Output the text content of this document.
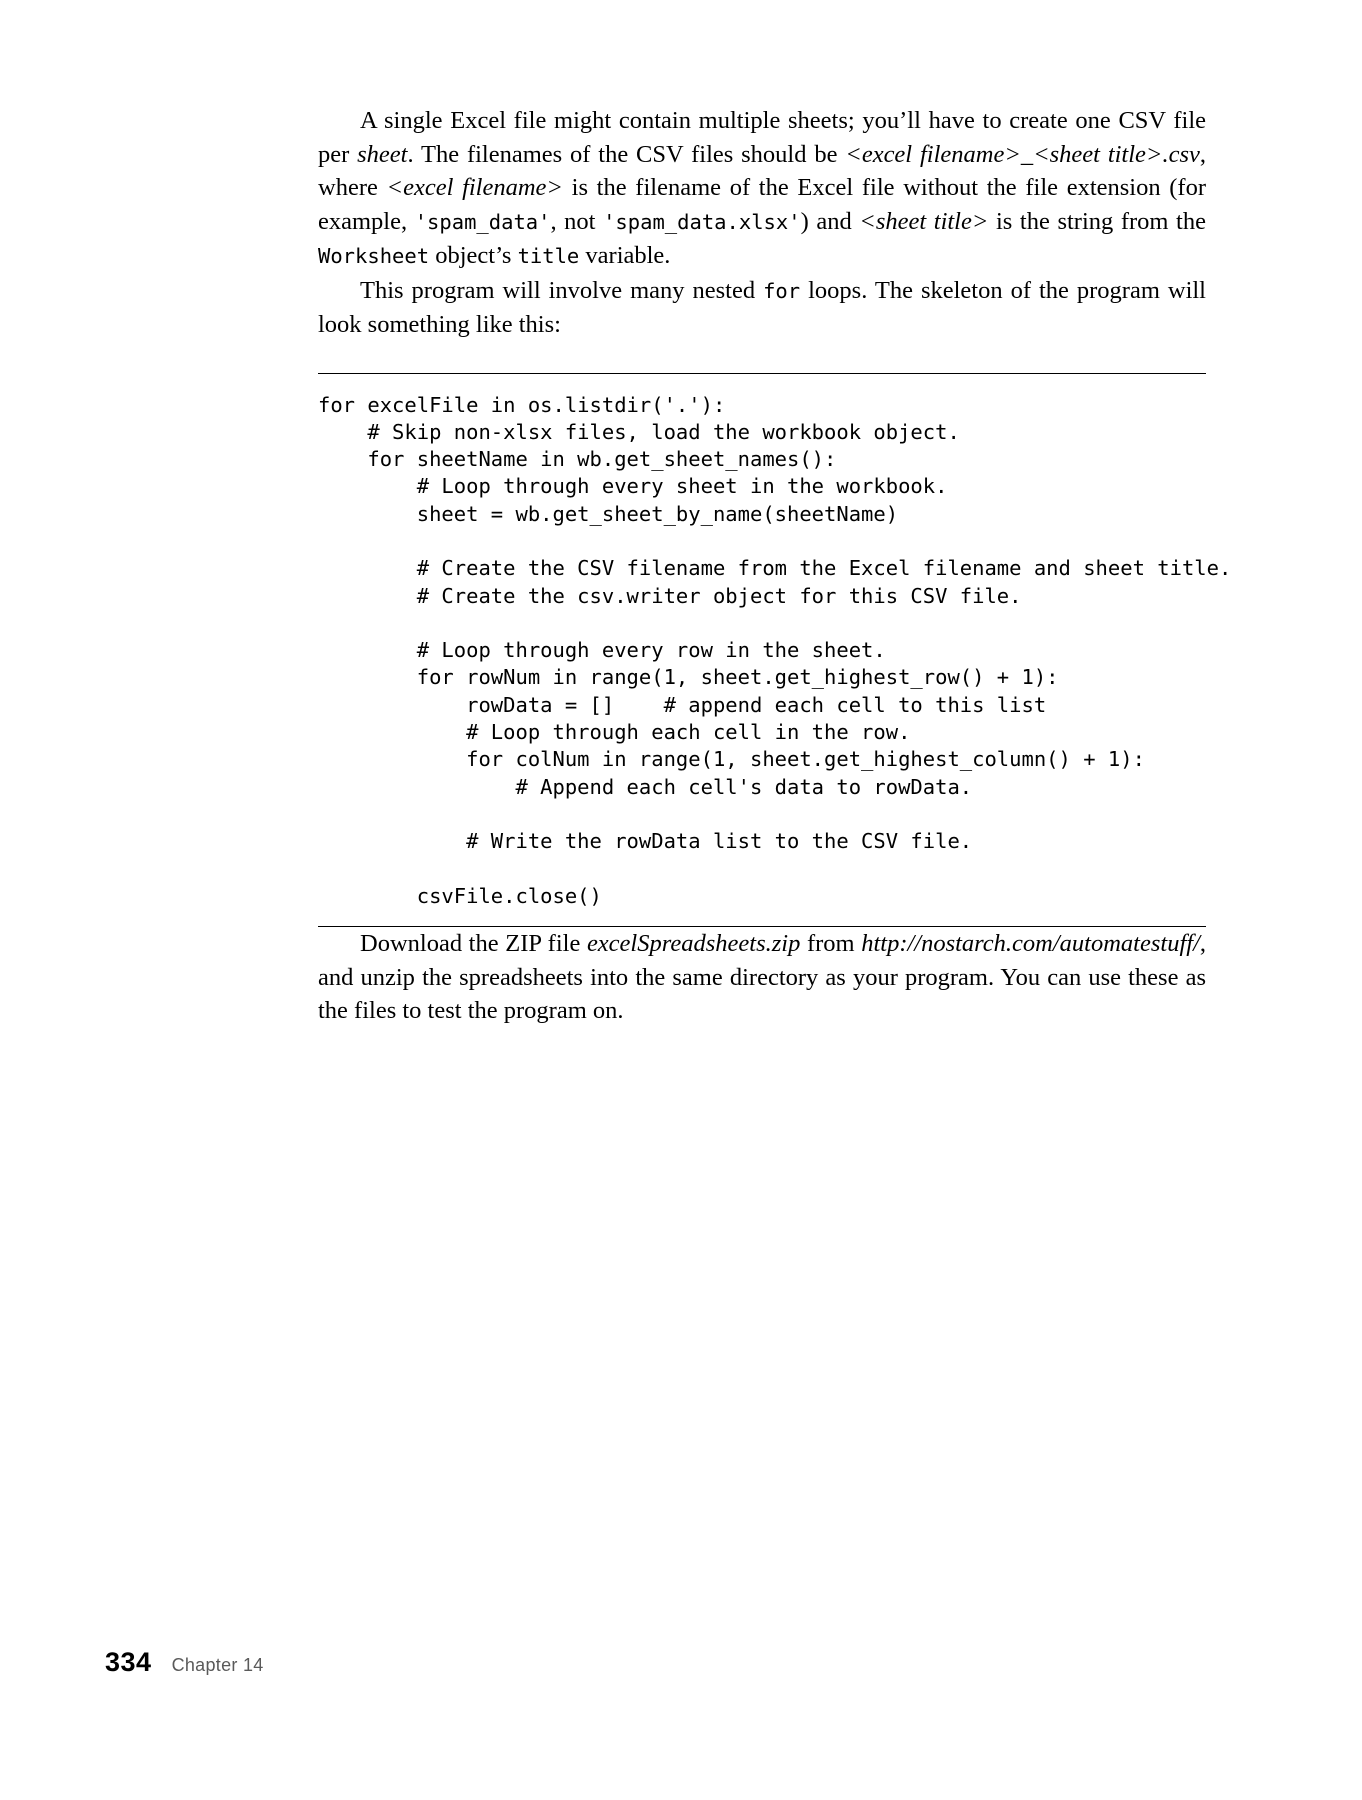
A single Excel file might contain multiple sheets; you’ll have to create one CSV file per sheet. The filenames of the CSV files should be <excel filename>_<sheet title>.csv, where <excel filename> is the filename of the Excel file without the file extension (for example, 'spam_data', not 'spam_data.xlsx') and <sheet title> is the string from the Worksheet object’s title variable.

This program will involve many nested for loops. The skeleton of the program will look something like this:

for excelFile in os.listdir('.'):
# Skip non-xlsx files, load the workbook object.
for sheetName in wb.get_sheet_names():
# Loop through every sheet in the workbook.
sheet = wb.get_sheet_by_name(sheetName)

# Create the CSV filename from the Excel filename and sheet title.
# Create the csv.writer object for this CSV file.

# Loop through every row in the sheet.
for rowNum in range(1, sheet.get_highest_row() + 1):
rowData = []    # append each cell to this list
# Loop through each cell in the row.
for colNum in range(1, sheet.get_highest_column() + 1):
# Append each cell's data to rowData.

# Write the rowData list to the CSV file.

csvFile.close()

Download the ZIP file excelSpreadsheets.zip from http://nostarch.com/automatestuff/, and unzip the spreadsheets into the same directory as your program. You can use these as the files to test the program on.

334 Chapter 14
